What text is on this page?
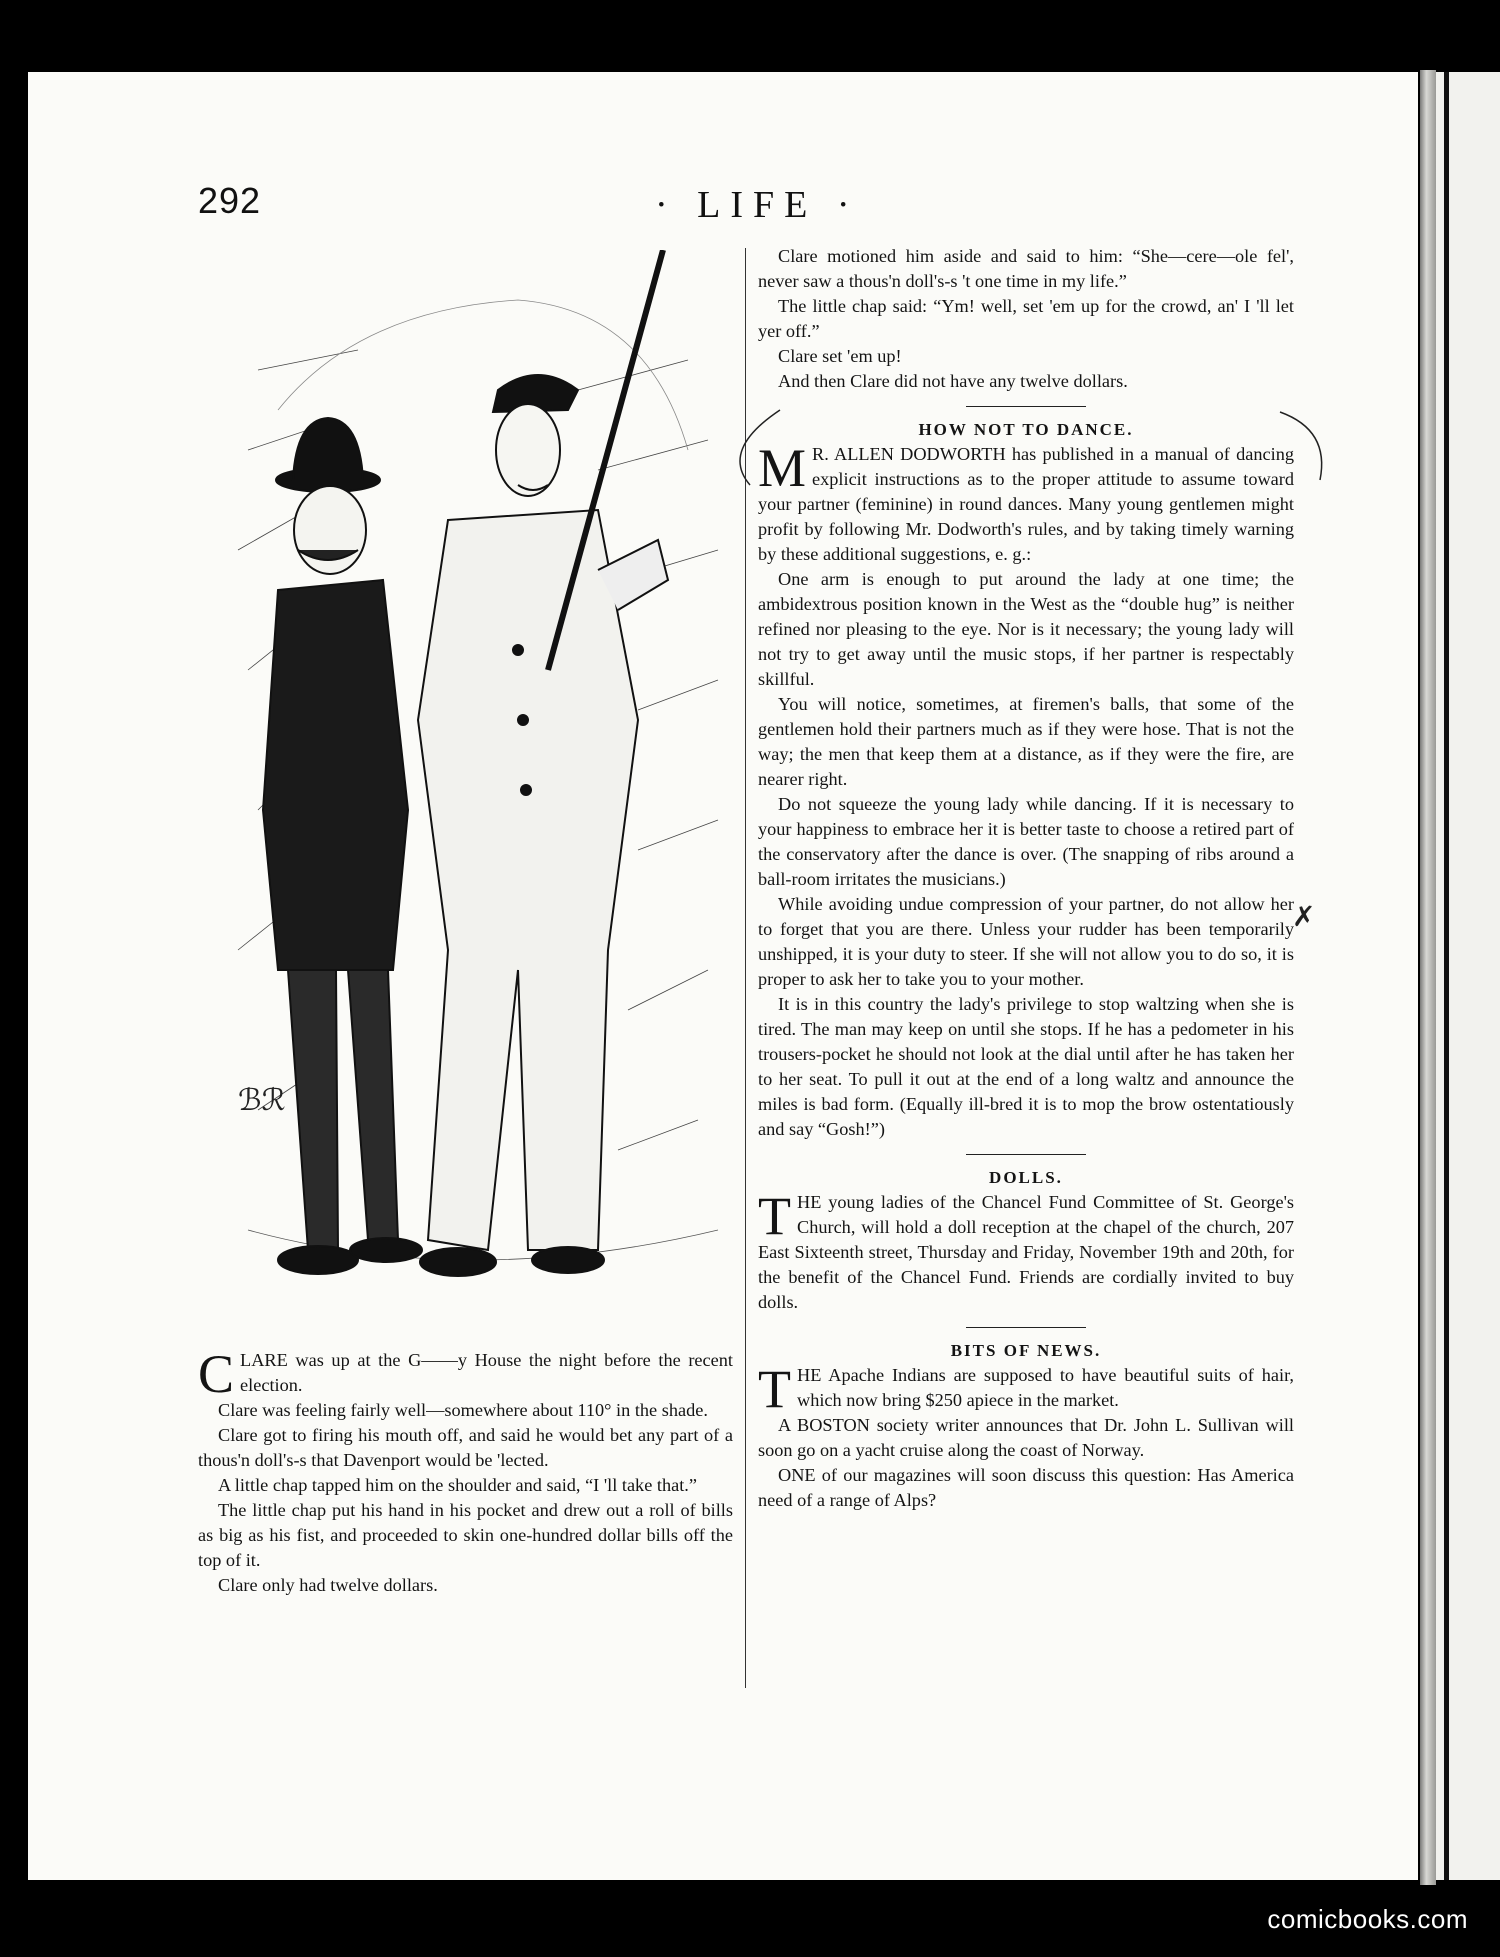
292	· LIFE ·
ℬℛ

CLARE was up at the G——y House the night before the recent election.

Clare was feeling fairly well—somewhere about 110° in the shade.

Clare got to firing his mouth off, and said he would bet any part of a thous'n doll's-s that Davenport would be 'lected.

A little chap tapped him on the shoulder and said, “I 'll take that.”

The little chap put his hand in his pocket and drew out a roll of bills as big as his fist, and proceeded to skin one-hundred dollar bills off the top of it.

Clare only had twelve dollars.

Clare motioned him aside and said to him: “She—cere—ole fel', never saw a thous'n doll's-s 't one time in my life.”

The little chap said: “Ym! well, set 'em up for the crowd, an' I 'll let yer off.”

Clare set 'em up!

And then Clare did not have any twelve dollars.

HOW NOT TO DANCE.

M R. ALLEN DODWORTH has published in a manual of dancing explicit instructions as to the proper attitude to assume toward your partner (feminine) in round dances. Many young gentlemen might profit by following Mr. Dodworth's rules, and by taking timely warning by these additional suggestions, e. g.:

One arm is enough to put around the lady at one time; the ambidextrous position known in the West as the “double hug” is neither refined nor pleasing to the eye. Nor is it necessary; the young lady will not try to get away until the music stops, if her partner is respectably skillful.

You will notice, sometimes, at firemen's balls, that some of the gentlemen hold their partners much as if they were hose. That is not the way; the men that keep them at a distance, as if they were the fire, are nearer right.

Do not squeeze the young lady while dancing. If it is necessary to your happiness to embrace her it is better taste to choose a retired part of the conservatory after the dance is over. (The snapping of ribs around a ball-room irritates the musicians.)

While avoiding undue compression of your partner, do not allow her to forget that you are there. Unless your rudder has been temporarily unshipped, it is your duty to steer. If she will not allow you to do so, it is proper to ask her to take you to your mother.

It is in this country the lady's privilege to stop waltzing when she is tired. The man may keep on until she stops. If he has a pedometer in his trousers-pocket he should not look at the dial until after he has taken her to her seat. To pull it out at the end of a long waltz and announce the miles is bad form. (Equally ill-bred it is to mop the brow ostentatiously and say “Gosh!”)

DOLLS.

THE young ladies of the Chancel Fund Committee of St. George's Church, will hold a doll reception at the chapel of the church, 207 East Sixteenth street, Thursday and Friday, November 19th and 20th, for the benefit of the Chancel Fund. Friends are cordially invited to buy dolls.

BITS OF NEWS.

THE Apache Indians are supposed to have beautiful suits of hair, which now bring $250 apiece in the market.

A BOSTON society writer announces that Dr. John L. Sullivan will soon go on a yacht cruise along the coast of Norway.

ONE of our magazines will soon discuss this question: Has America need of a range of Alps?

✗
comicbooks.com
